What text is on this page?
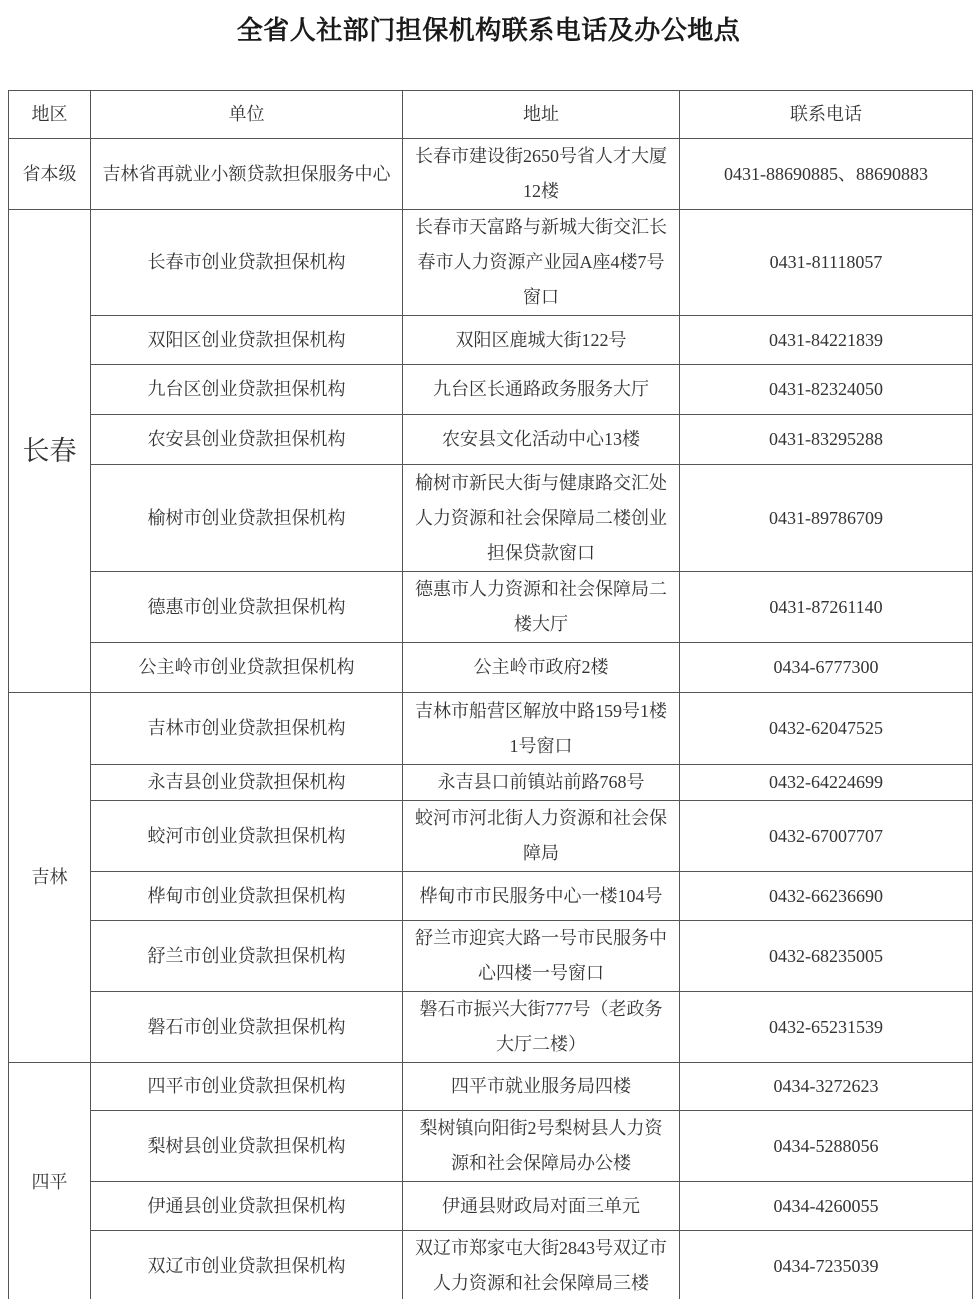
全省人社部门担保机构联系电话及办公地点
地区	单位	地址	联系电话
省本级	吉林省再就业小额贷款担保服务中心	长春市建设街2650号省人才大厦12楼	0431-88690885、88690883
长春	长春市创业贷款担保机构	长春市天富路与新城大街交汇长春市人力资源产业园A座4楼7号窗口	0431-81118057
	双阳区创业贷款担保机构	双阳区鹿城大街122号	0431-84221839
	九台区创业贷款担保机构	九台区长通路政务服务大厅	0431-82324050
	农安县创业贷款担保机构	农安县文化活动中心13楼	0431-83295288
	榆树市创业贷款担保机构	榆树市新民大街与健康路交汇处人力资源和社会保障局二楼创业担保贷款窗口	0431-89786709
	德惠市创业贷款担保机构	德惠市人力资源和社会保障局二楼大厅	0431-87261140
	公主岭市创业贷款担保机构	公主岭市政府2楼	0434-6777300
吉林	吉林市创业贷款担保机构	吉林市船营区解放中路159号1楼1号窗口	0432-62047525
	永吉县创业贷款担保机构	永吉县口前镇站前路768号	0432-64224699
	蛟河市创业贷款担保机构	蛟河市河北街人力资源和社会保障局	0432-67007707
	桦甸市创业贷款担保机构	桦甸市市民服务中心一楼104号	0432-66236690
	舒兰市创业贷款担保机构	舒兰市迎宾大路一号市民服务中心四楼一号窗口	0432-68235005
	磐石市创业贷款担保机构	磐石市振兴大街777号（老政务大厅二楼）	0432-65231539
四平	四平市创业贷款担保机构	四平市就业服务局四楼	0434-3272623
	梨树县创业贷款担保机构	梨树镇向阳街2号梨树县人力资源和社会保障局办公楼	0434-5288056
	伊通县创业贷款担保机构	伊通县财政局对面三单元	0434-4260055
	双辽市创业贷款担保机构	双辽市郑家屯大街2843号双辽市人力资源和社会保障局三楼	0434-7235039
